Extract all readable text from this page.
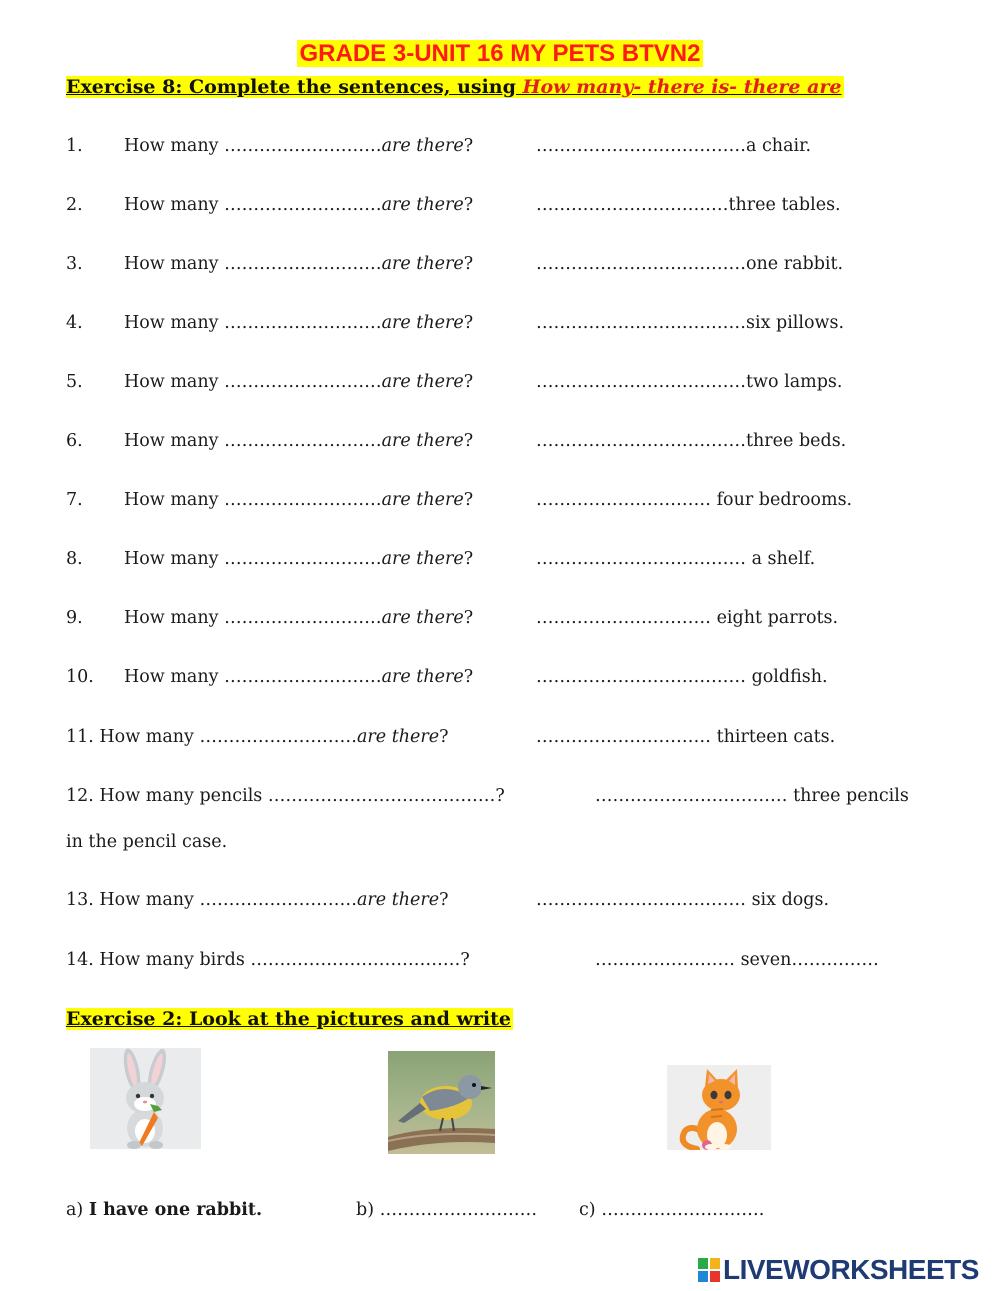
GRADE 3-UNIT 16 MY PETS BTVN2
Exercise 8: Complete the sentences, using How many- there is- there are
1. How many ………………………are there?	………………………………a chair.
2. How many ………………………are there?	……………………………three tables.
3. How many ………………………are there?	………………………………one rabbit.
4. How many ………………………are there?	………………………………six pillows.
5. How many ………………………are there?	………………………………two lamps.
6. How many ………………………are there?	………………………………three beds.
7. How many ………………………are there?	………………………… four bedrooms.
8. How many ………………………are there?	……………………………… a shelf.
9. How many ………………………are there?	………………………… eight parrots.
10. How many ………………………are there?	……………………………… goldfish.
11. How many ………………………are there?	………………………… thirteen cats.
12. How many pencils …………………………………?	…………………………… three pencils
in the pencil case.
13. How many ………………………are there?	……………………………… six dogs.
14. How many birds ………………………………?	…………………… seven……………
Exercise 2: Look at the pictures and write
a) I have one rabbit.	b) ……………………… c) ……………………….
LIVEWORKSHEETS
